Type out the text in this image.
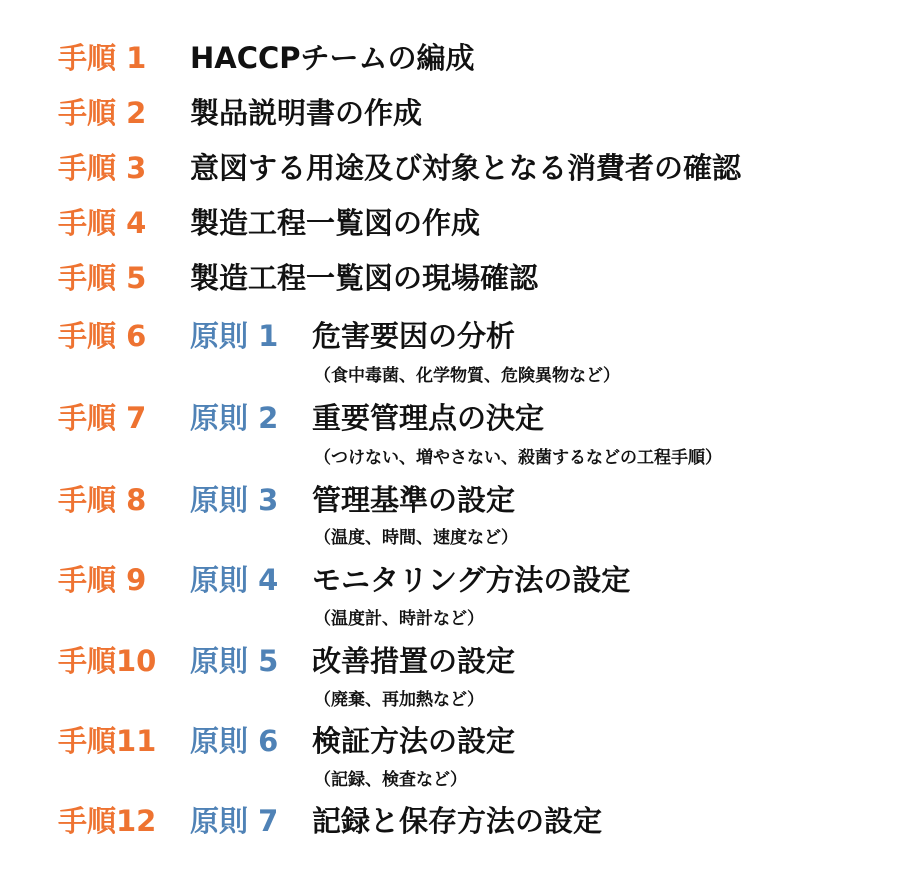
手順 1 HACCPチームの編成
手順 2 製品説明書の作成
手順 3 意図する用途及び対象となる消費者の確認
手順 4 製造工程一覧図の作成
手順 5 製造工程一覧図の現場確認
手順 6 原則 1 危害要因の分析
（食中毒菌、化学物質、危険異物など）
手順 7 原則 2 重要管理点の決定
（つけない、増やさない、殺菌するなどの工程手順）
手順 8 原則 3 管理基準の設定
（温度、時間、速度など）
手順 9 原則 4 モニタリング方法の設定
（温度計、時計など）
手順10 原則 5 改善措置の設定
（廃棄、再加熱など）
手順11 原則 6 検証方法の設定
（記録、検査など）
手順12 原則 7 記録と保存方法の設定
